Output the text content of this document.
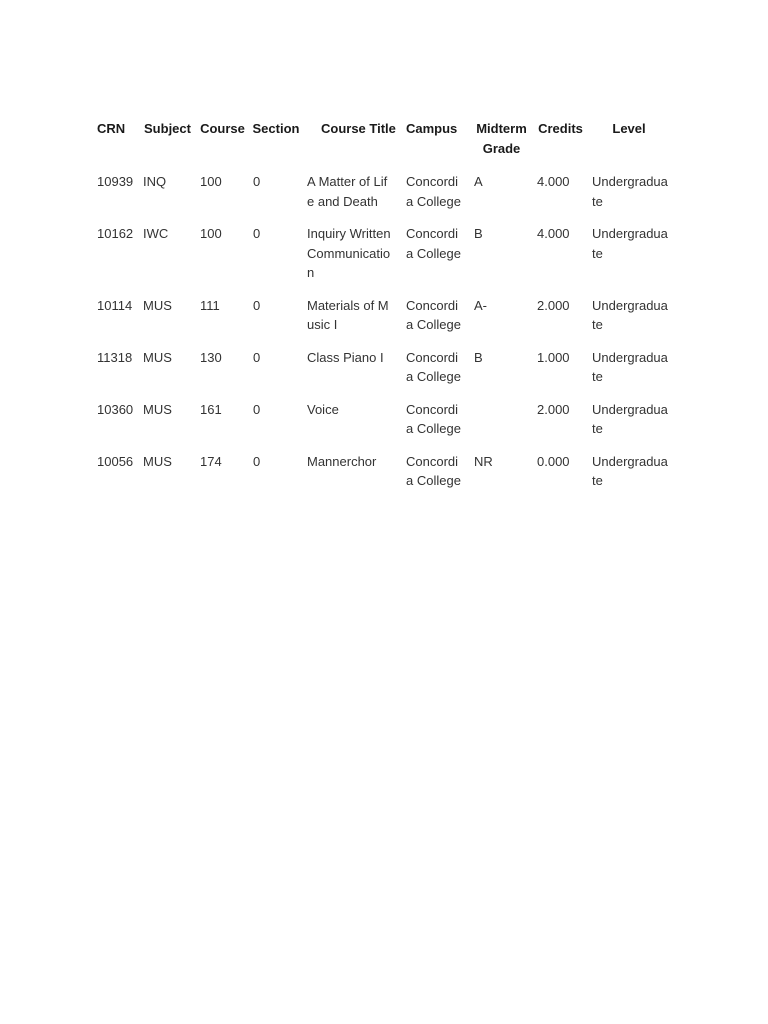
CRN	Subject	Course	Section	Course Title	Campus	Midterm Grade	Credits	Level
10939	INQ	100	0	A Matter of Life and Death	Concordia College	A	4.000	Undergraduate
10162	IWC	100	0	Inquiry Written Communication	Concordia College	B	4.000	Undergraduate
10114	MUS	111	0	Materials of Music I	Concordia College	A-	2.000	Undergraduate
11318	MUS	130	0	Class Piano I	Concordia College	B	1.000	Undergraduate
10360	MUS	161	0	Voice	Concordia College		2.000	Undergraduate
10056	MUS	174	0	Mannerchor	Concordia College	NR	0.000	Undergraduate
